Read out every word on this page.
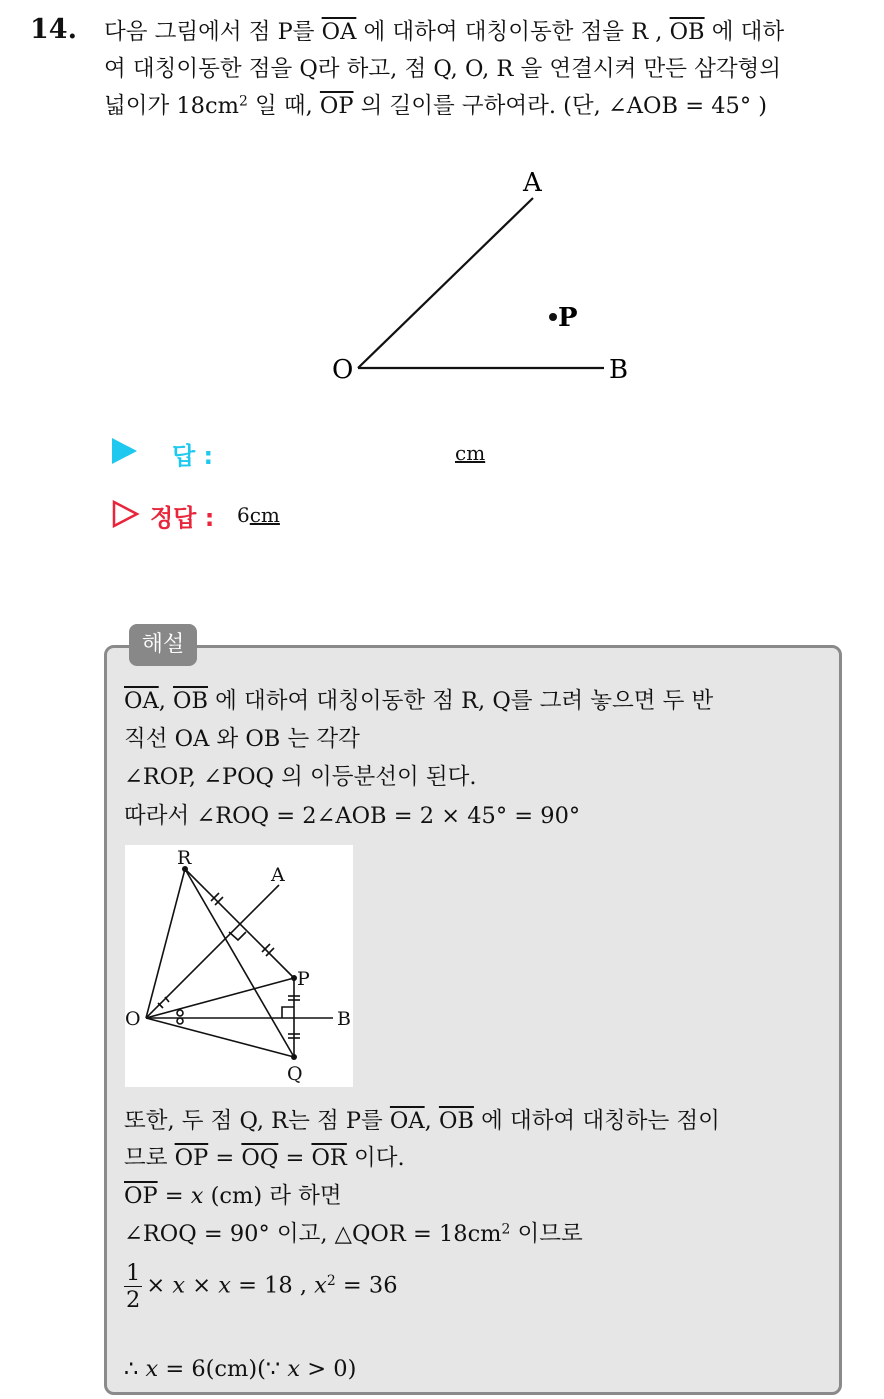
14. 다음 그림에서 점 P를 $\overline{OA}$ 에 대하여 대칭이동한 점을 R , $\overline{OB}$ 에 대하
여 대칭이동한 점을 Q라 하고, 점 Q, O, R 을 연결시켜 만든 삼각형의
넓이가 $18cm^2$ 일 때, $\overline{OP}$ 의 길이를 구하여라. (단, ∠AOB = 45° )
A
B
O
P
답 :	cm
정답 : 6cm
해설
$\overline{OA}$, $\overline{OB}$ 에 대하여 대칭이동한 점 R, Q를 그려 놓으면 두 반
직선 OA 와 OB 는 각각
∠ROP, ∠POQ 의 이등분선이 된다.
따라서 ∠ROQ = 2∠AOB = 2 × 45° = 90°
R
A
P
O	B
Q
또한, 두 점 Q, R는 점 P를 $\overline{OA}$, $\overline{OB}$ 에 대하여 대칭하는 점이
므로 $\overline{OP} = \overline{OQ} = \overline{OR}$ 이다.
$\overline{OP} = x$ (cm) 라 하면
∠ROQ = 90° 이고, △QOR = $18cm^2$ 이므로
$\frac{1}{2} \times x \times x = 18$ , $x^2 = 36$
∴ x = 6(cm)(∵ x > 0)
